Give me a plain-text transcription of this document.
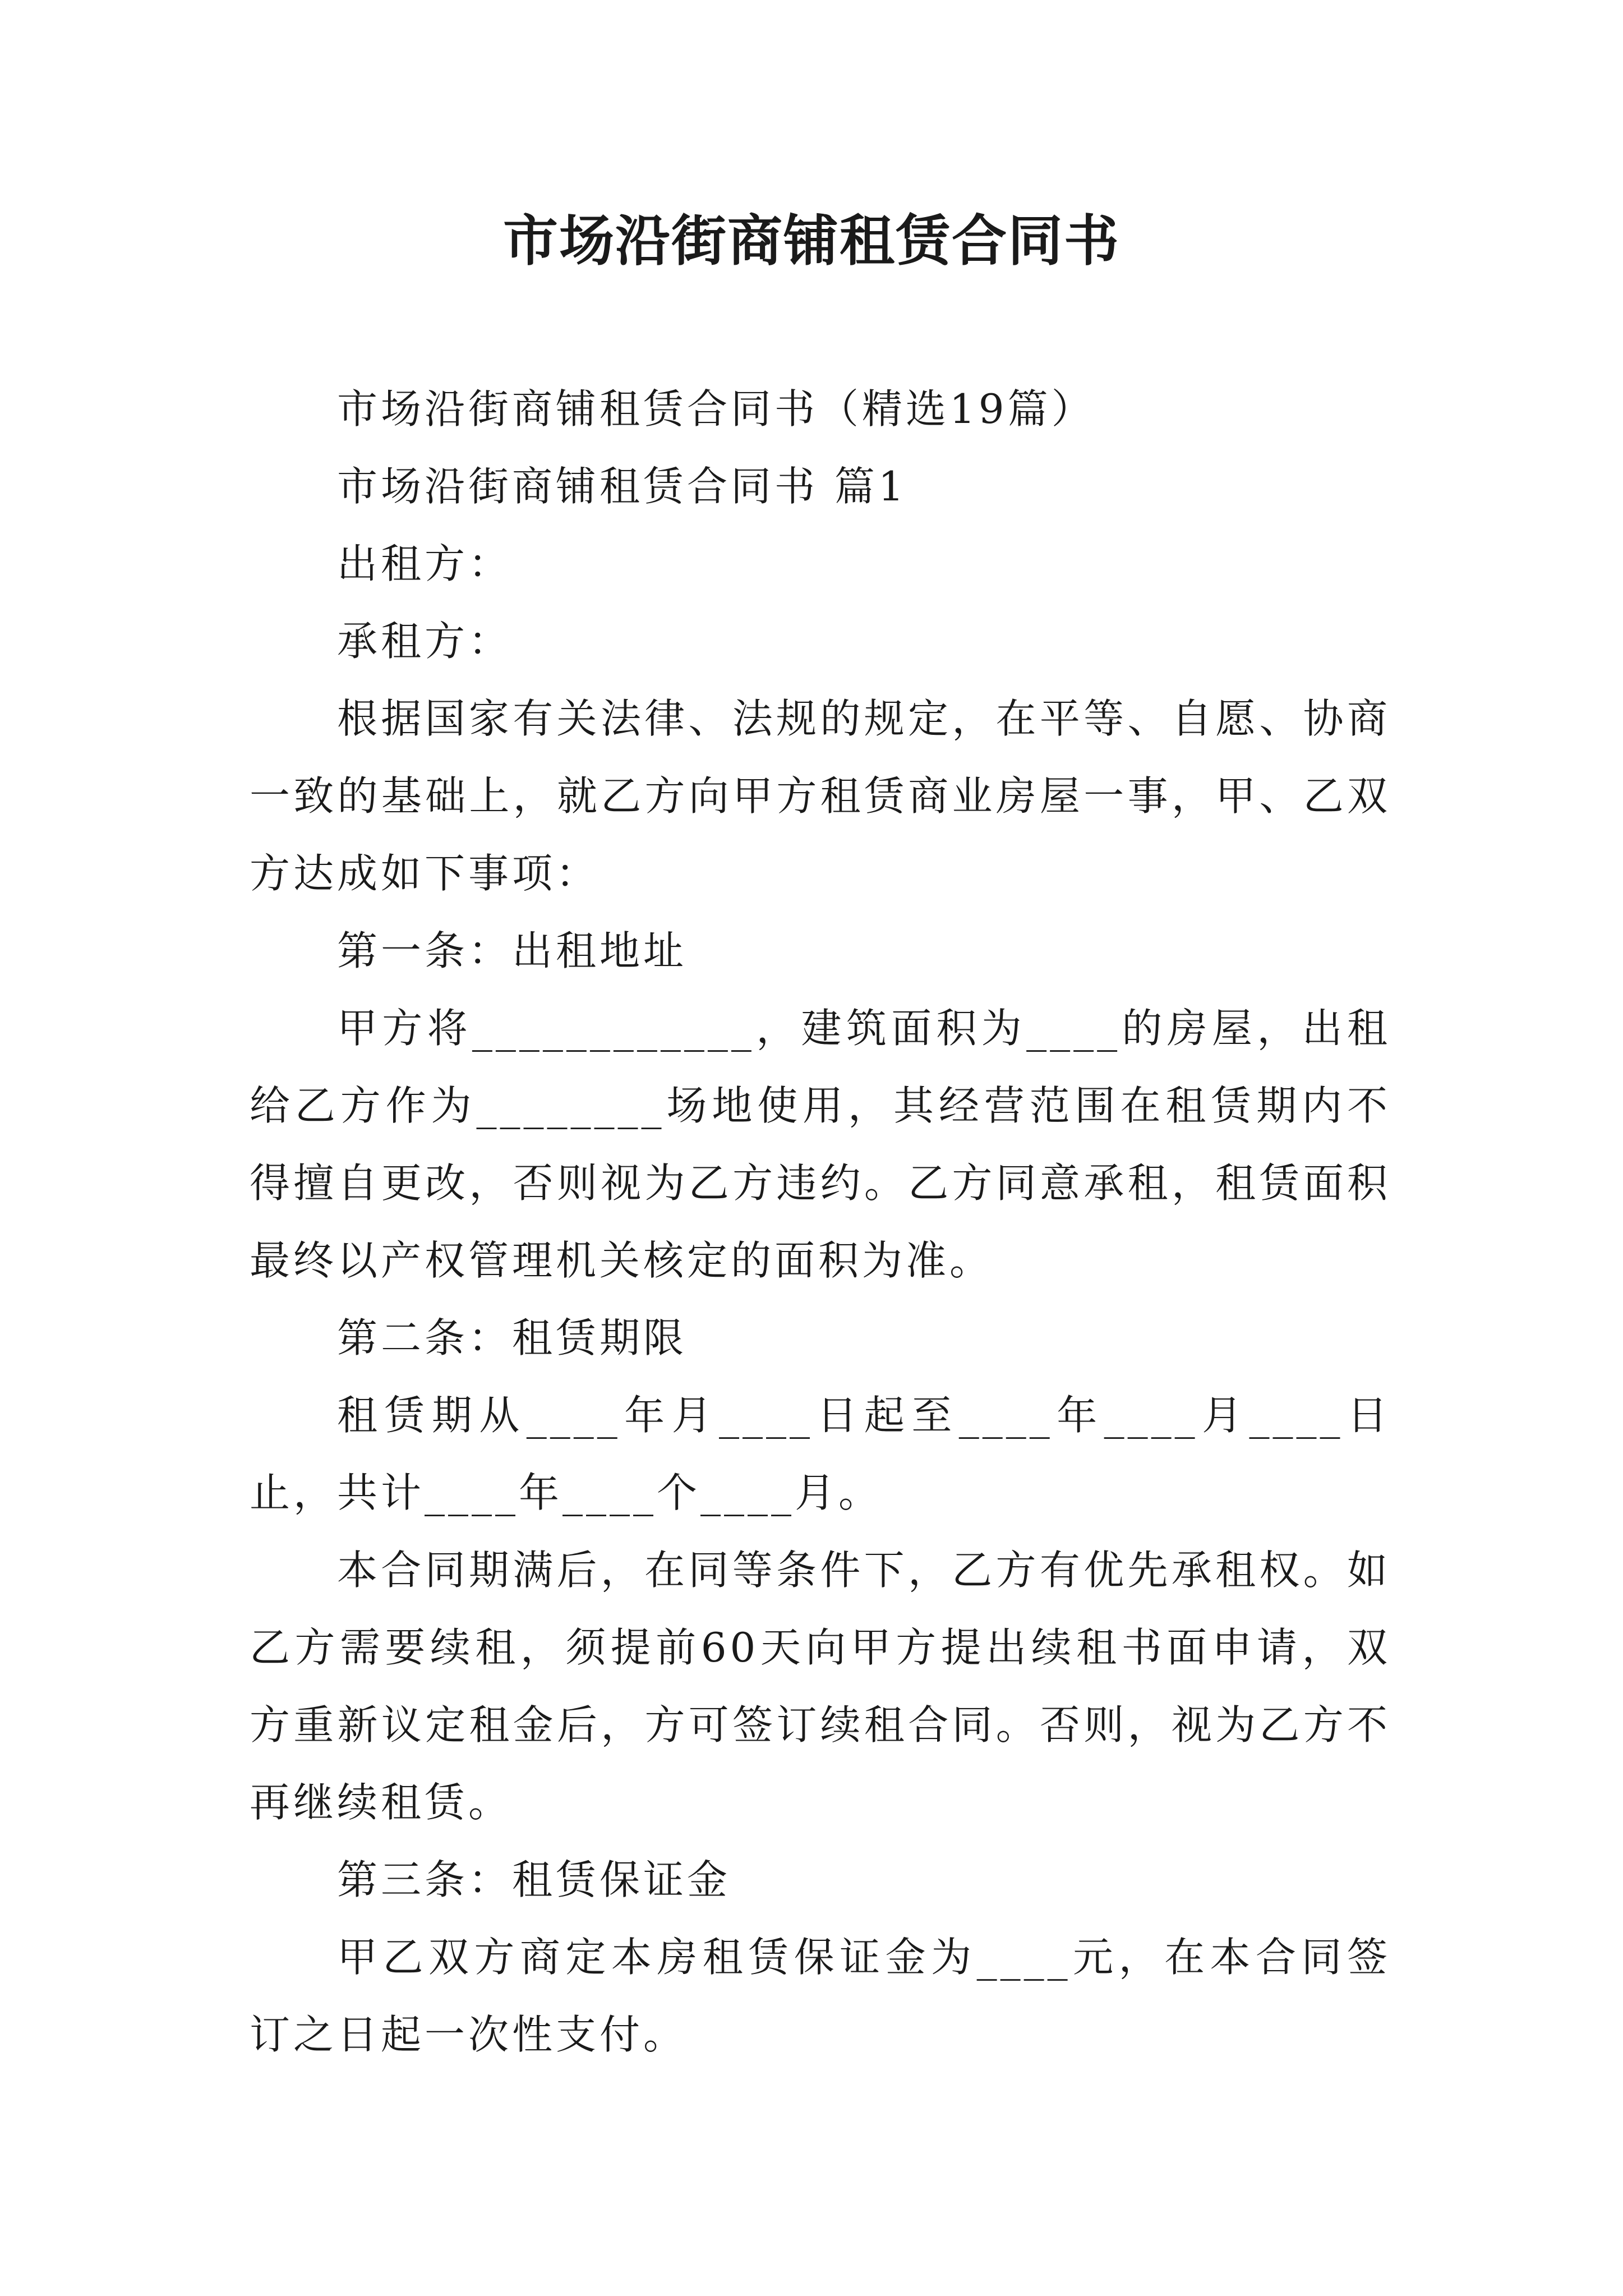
市场沿街商铺租赁合同书

市场沿街商铺租赁合同书（精选19篇）

市场沿街商铺租赁合同书 篇1

出租方：

承租方：

根据国家有关法律、法规的规定，在平等、自愿、协商一致的基础上，就乙方向甲方租赁商业房屋一事，甲、乙双方达成如下事项：

第一条：出租地址

甲方将____________，建筑面积为____的房屋，出租给乙方作为________场地使用，其经营范围在租赁期内不得擅自更改，否则视为乙方违约。乙方同意承租，租赁面积最终以产权管理机关核定的面积为准。

第二条：租赁期限

租赁期从____年月____日起至____年____月____日止，共计____年____个____月。

本合同期满后，在同等条件下，乙方有优先承租权。如乙方需要续租，须提前60天向甲方提出续租书面申请，双方重新议定租金后，方可签订续租合同。否则，视为乙方不再继续租赁。

第三条：租赁保证金

甲乙双方商定本房租赁保证金为____元，在本合同签订之日起一次性支付。
